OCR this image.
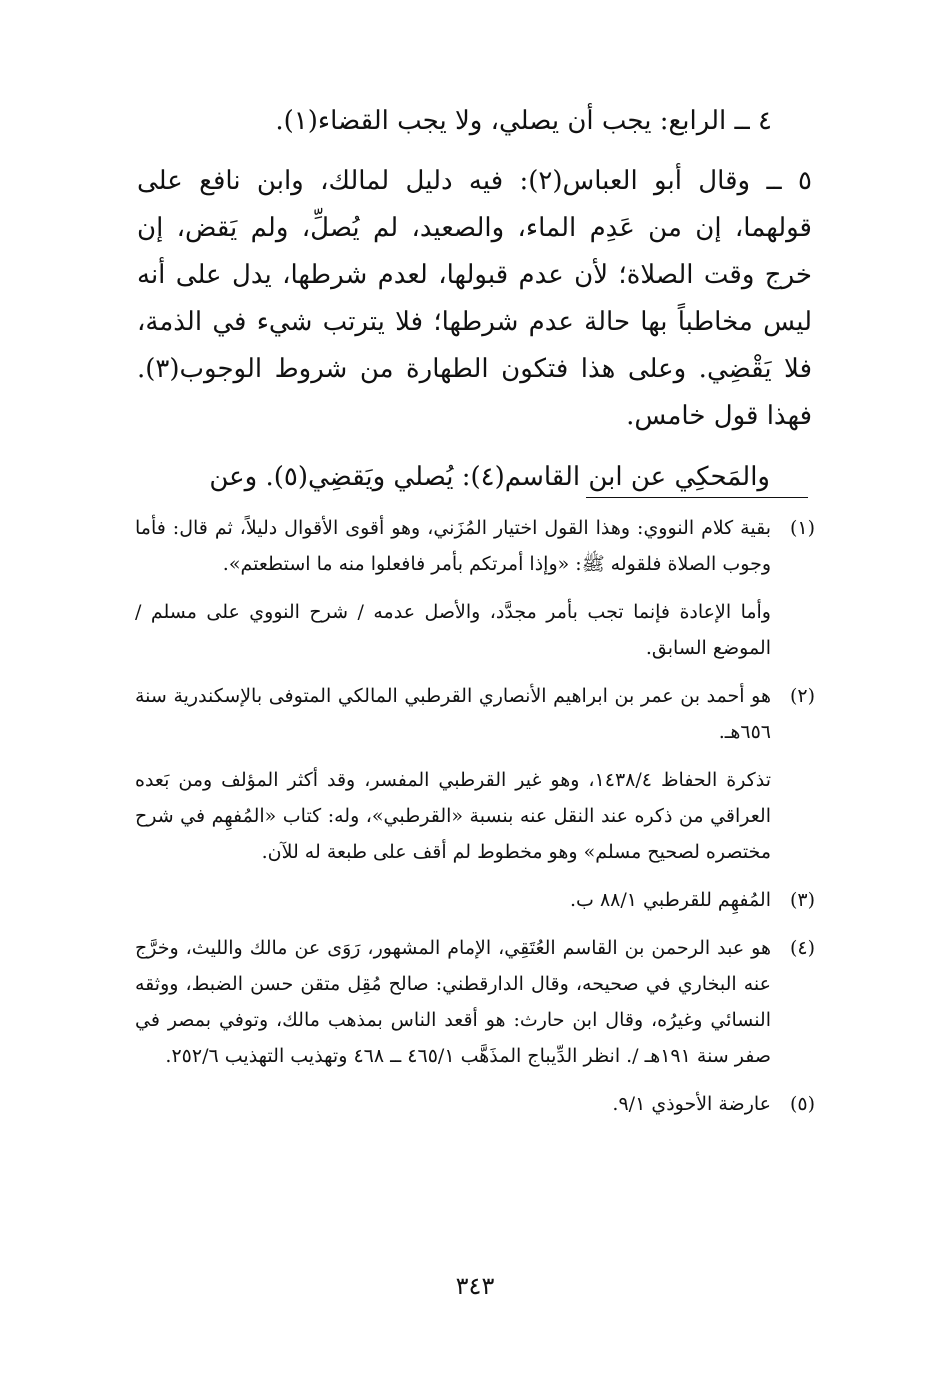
٤ ــ الرابع: يجب أن يصلي، ولا يجب القضاء(١).

٥ ــ وقال أبو العباس(٢): فيه دليل لمالك، وابن نافع على قولهما، إن من عَدِم الماء، والصعيد، لم يُصلِّ، ولم يَقض، إن خرج وقت الصلاة؛ لأن عدم قبولها، لعدم شرطها، يدل على أنه ليس مخاطباً بها حالة عدم شرطها؛ فلا يترتب شيء في الذمة، فلا يَقْضِي. وعلى هذا فتكون الطهارة من شروط الوجوب(٣). فهذا قول خامس.

والمَحكِي عن ابن القاسم(٤): يُصلي ويَقضِي(٥). وعن

(١)

بقية كلام النووي: وهذا القول اختيار المُزَني، وهو أقوى الأقوال دليلاً، ثم قال: فأما وجوب الصلاة فلقوله ﷺ: «وإذا أمرتكم بأمر فافعلوا منه ما استطعتم».

وأما الإعادة فإنما تجب بأمر مجدَّد، والأصل عدمه / شرح النووي على مسلم / الموضع السابق.

(٢)

هو أحمد بن عمر بن ابراهيم الأنصاري القرطبي المالكي المتوفى بالإسكندرية سنة ٦٥٦هـ.

تذكرة الحفاظ ١٤٣٨/٤، وهو غير القرطبي المفسر، وقد أكثر المؤلف ومن بَعده العراقي من ذكره عند النقل عنه بنسبة «القرطبي»، وله: كتاب «المُفهِم في شرح مختصره لصحيح مسلم» وهو مخطوط لم أقف على طبعة له للآن.

(٣)

المُفهِم للقرطبي ٨٨/١ ب.

(٤)

هو عبد الرحمن بن القاسم العُتَقِي، الإمام المشهور، رَوَى عن مالك والليث، وخرَّج عنه البخاري في صحيحه، وقال الدارقطني: صالح مُقِل متقن حسن الضبط، ووثقه النسائي وغيرُه، وقال ابن حارث: هو أقعد الناس بمذهب مالك، وتوفي بمصر في صفر سنة ١٩١هـ /. انظر الدِّيباج المذَهَّب ٤٦٥/١ ــ ٤٦٨ وتهذيب التهذيب ٢٥٢/٦.

(٥)

عارضة الأحوذي ٩/١.

٣٤٣
